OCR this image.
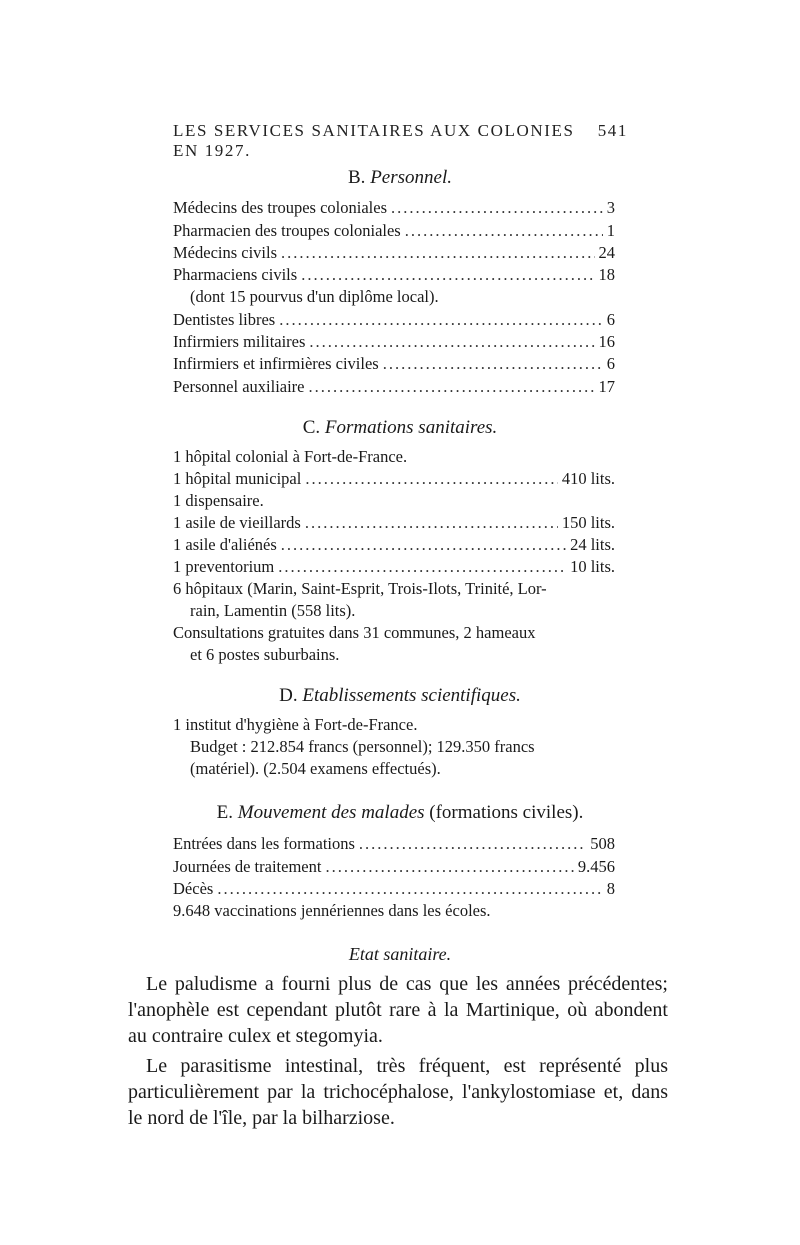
LES SERVICES SANITAIRES AUX COLONIES EN 1927.
541
B. Personnel.
Médecins des troupes coloniales .....	3
Pharmacien des troupes coloniales .....	1
Médecins civils .....	24
Pharmaciens civils .....	18
(dont 15 pourvus d'un diplôme local).
Dentistes libres .....	6
Infirmiers militaires .....	16
Infirmiers et infirmières civiles .....	6
Personnel auxiliaire .....	17
C. Formations sanitaires.
1 hôpital colonial à Fort-de-France.
1 hôpital municipal .....	410 lits.
1 dispensaire.
1 asile de vieillards .....	150 lits.
1 asile d'aliénés .....	24 lits.
1 preventorium .....	10 lits.
6 hôpitaux (Marin, Saint-Esprit, Trois-Ilots, Trinité, Lor-
rain, Lamentin (558 lits).
Consultations gratuites dans 31 communes, 2 hameaux
et 6 postes suburbains.
D. Etablissements scientifiques.
1 institut d'hygiène à Fort-de-France.
Budget : 212.854 francs (personnel); 129.350 francs
(matériel). (2.504 examens effectués).
E. Mouvement des malades (formations civiles).
Entrées dans les formations .....	508
Journées de traitement .....	9.456
Décès .....	8
9.648 vaccinations jennériennes dans les écoles.
Etat sanitaire.
Le paludisme a fourni plus de cas que les années précédentes; l'anophèle est cependant plutôt rare à la Martinique, où abondent au contraire culex et stegomyia.
Le parasitisme intestinal, très fréquent, est représenté plus particulièrement par la trichocéphalose, l'ankylostomiase et, dans le nord de l'île, par la bilharziose.
